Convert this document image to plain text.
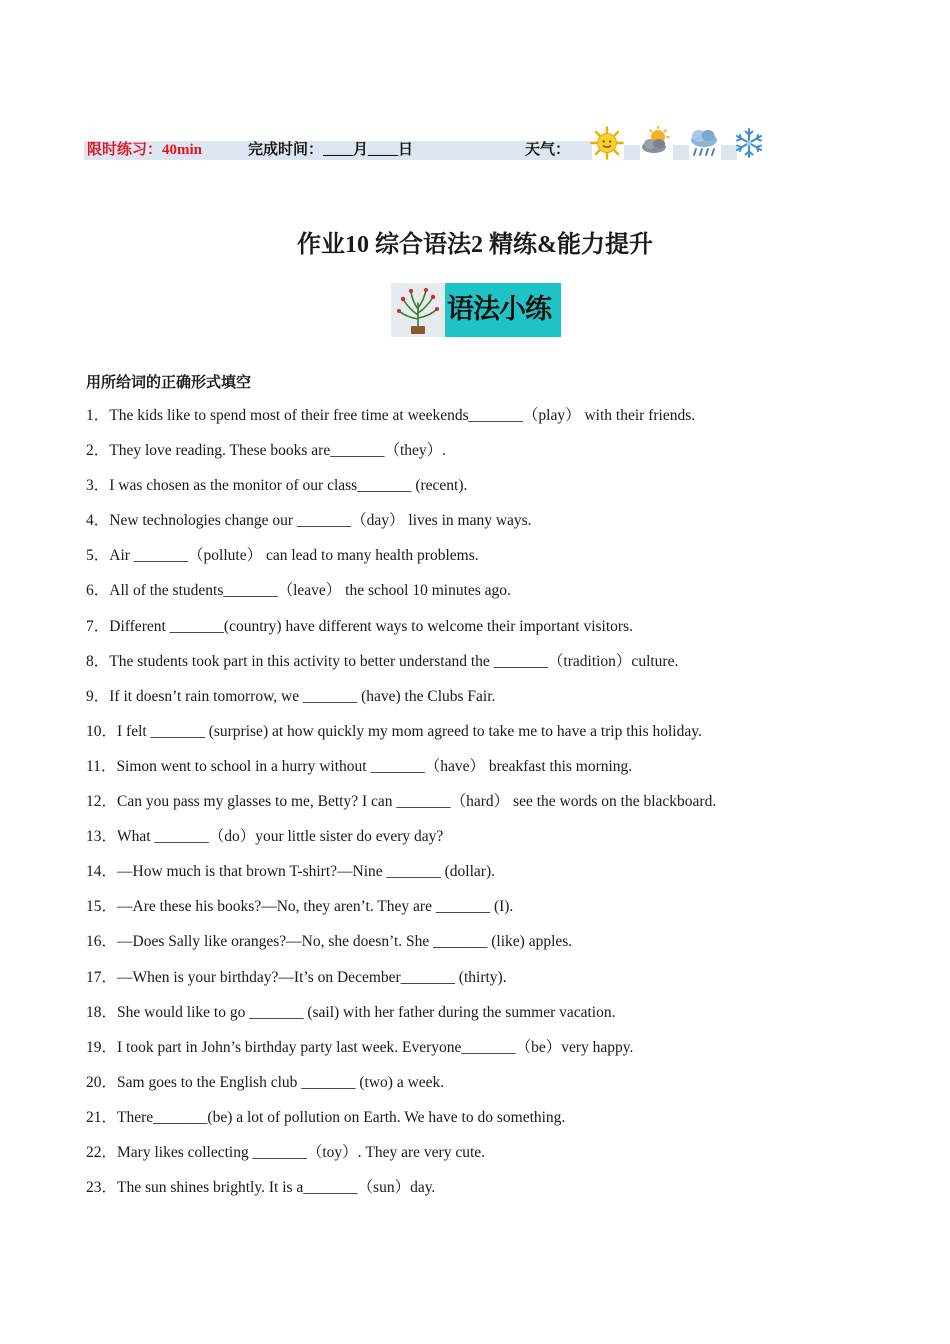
限时练习：40min	完成时间：____月____日	天气：
作业10 综合语法2 精练&能力提升
语法小练
用所给词的正确形式填空
1．The kids like to spend most of their free time at weekends_______（play） with their friends.
2．They love reading. These books are_______（they）.
3．I was chosen as the monitor of our class_______ (recent).
4．New technologies change our _______（day） lives in many ways.
5．Air _______（pollute） can lead to many health problems.
6．All of the students_______（leave） the school 10 minutes ago.
7．Different _______(country) have different ways to welcome their important visitors.
8．The students took part in this activity to better understand the _______（tradition）culture.
9．If it doesn’t rain tomorrow, we _______ (have) the Clubs Fair.
10．I felt _______ (surprise) at how quickly my mom agreed to take me to have a trip this holiday.
11．Simon went to school in a hurry without _______（have） breakfast this morning.
12．Can you pass my glasses to me, Betty? I can _______（hard） see the words on the blackboard.
13．What _______（do）your little sister do every day?
14．—How much is that brown T-shirt?—Nine _______ (dollar).
15．—Are these his books?—No, they aren’t. They are _______ (I).
16．—Does Sally like oranges?—No, she doesn’t. She _______ (like) apples.
17．—When is your birthday?—It’s on December_______ (thirty).
18．She would like to go _______ (sail) with her father during the summer vacation.
19．I took part in John’s birthday party last week. Everyone_______（be）very happy.
20．Sam goes to the English club _______ (two) a week.
21．There_______(be) a lot of pollution on Earth. We have to do something.
22．Mary likes collecting _______（toy）. They are very cute.
23．The sun shines brightly. It is a_______（sun）day.
